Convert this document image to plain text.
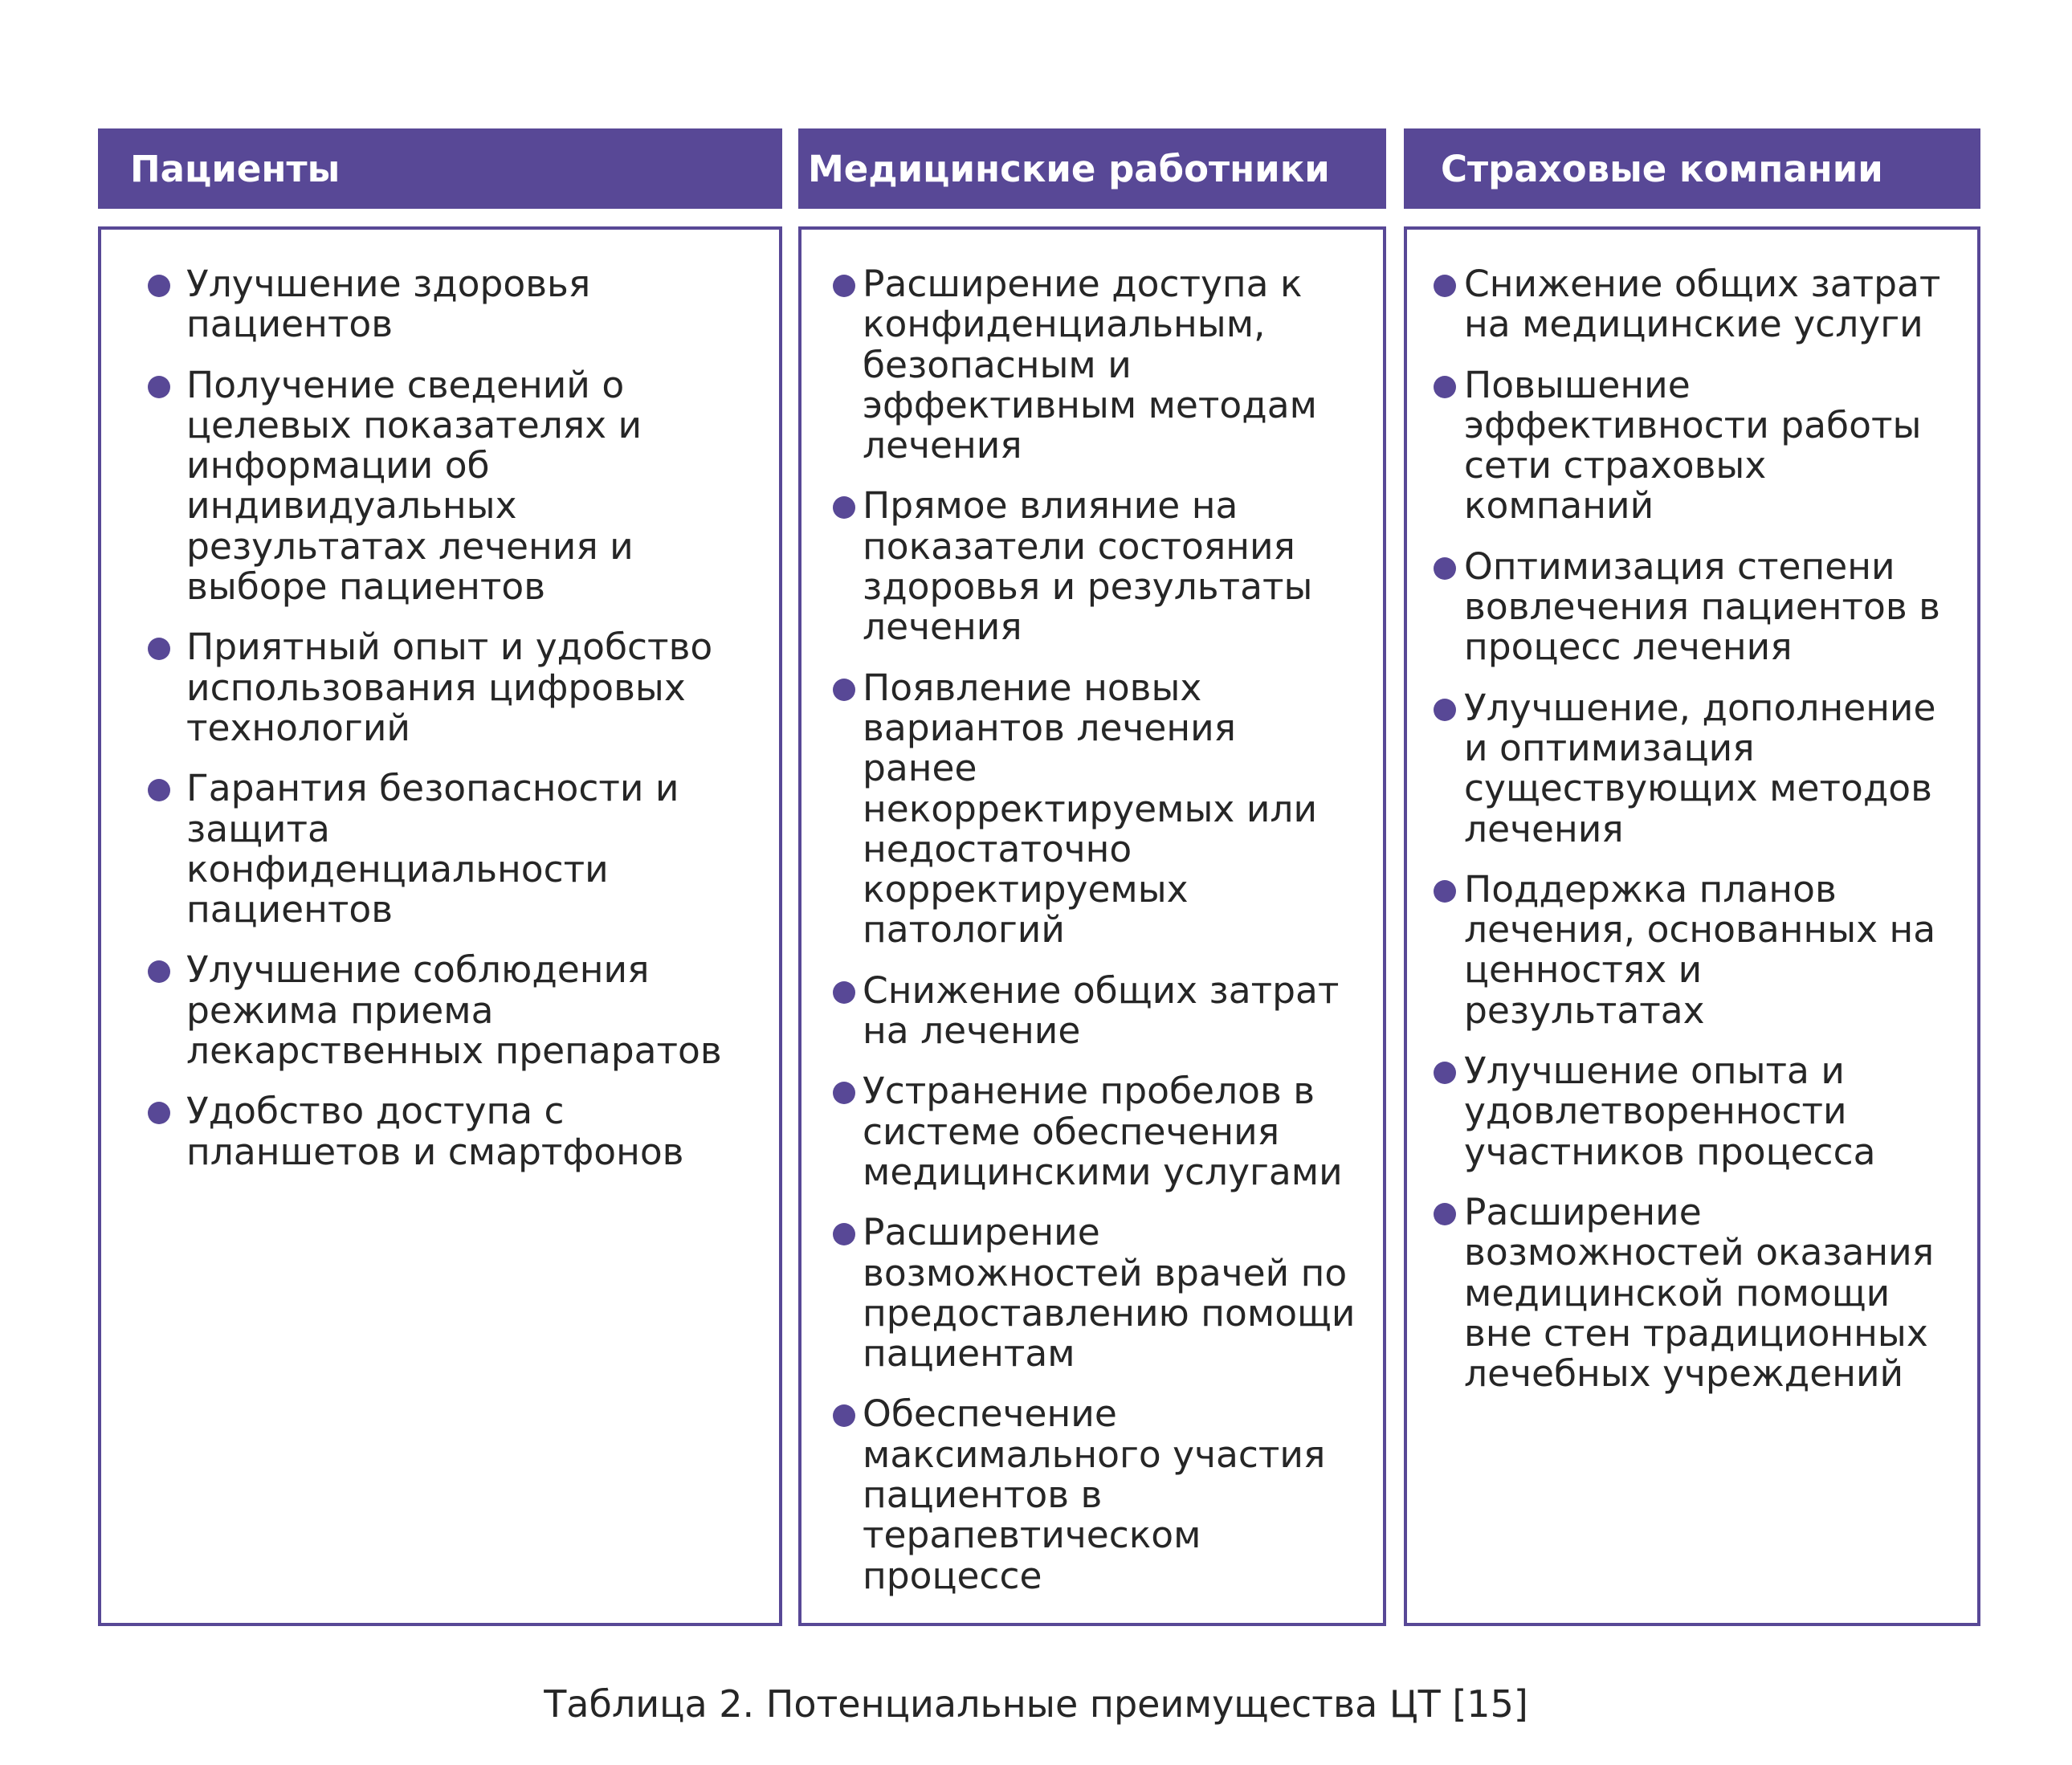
Пациенты
Улучшение здоровья пациентов
Получение сведений о целевых показателях и информации об индивидуальных результатах лечения и выборе пациентов
Приятный опыт и удобство использования цифровых технологий
Гарантия безопасности и защита конфиденциальности пациентов
Улучшение соблюдения режима приема лекарственных препаратов
Удобство доступа с планшетов и смартфонов
Медицинские работники
Расширение доступа к конфиденциальным, безопасным и эффективным методам лечения
Прямое влияние на показатели состояния здоровья и результаты лечения
Появление новых вариантов лечения ранее некорректируемых или недостаточно корректируемых патологий
Снижение общих затрат на лечение
Устранение пробелов в системе обеспечения медицинскими услугами
Расширение возможностей врачей по предоставлению помощи пациентам
Обеспечение максимального участия пациентов в терапевтическом процессе
Страховые компании
Снижение общих затрат на медицинские услуги
Повышение эффективности работы сети страховых компаний
Оптимизация степени вовлечения пациентов в процесс лечения
Улучшение, дополнение и оптимизация существующих методов лечения
Поддержка планов лечения, основанных на ценностях и результатах
Улучшение опыта и удовлетворенности участников процесса
Расширение возможностей оказания медицинской помощи вне стен традиционных лечебных учреждений
Таблица 2. Потенциальные преимущества ЦТ [15]
